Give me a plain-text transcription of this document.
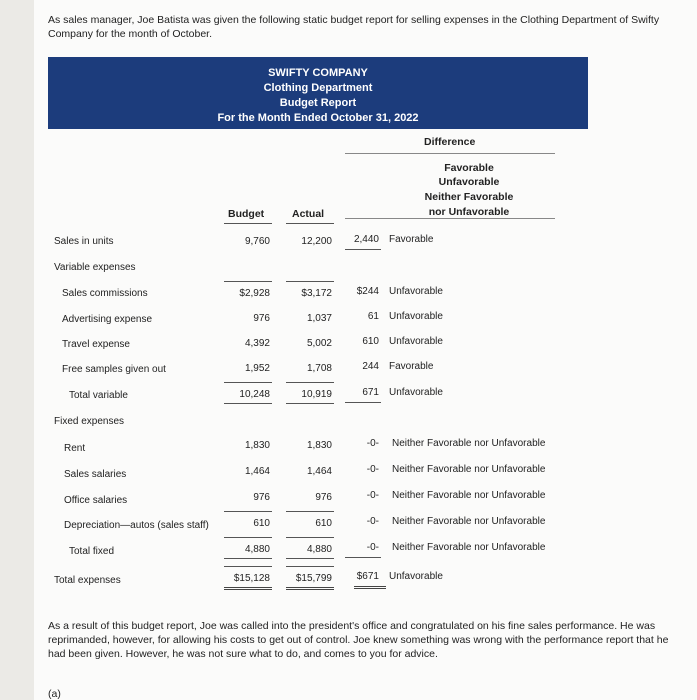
As sales manager, Joe Batista was given the following static budget report for selling expenses in the Clothing Department of Swifty Company for the month of October.
SWIFTY COMPANY
Clothing Department
Budget Report
For the Month Ended October 31, 2022
Difference
Favorable
Unfavorable
Neither Favorable
nor Unfavorable
Budget	Actual
As a result of this budget report, Joe was called into the president's office and congratulated on his fine sales performance. He was reprimanded, however, for allowing his costs to get out of control. Joe knew something was wrong with the performance report that he had been given. However, he was not sure what to do, and comes to you for advice.
(a)
Sales in units	9,760	12,200	2,440 Favorable
Variable expenses
Sales commissions	$2,928	$3,172	$244 Unfavorable
Advertising expense	976	1,037	61 Unfavorable
Travel expense	4,392	5,002	610 Unfavorable
Free samples given out	1,952	1,708	244 Favorable
Total variable	10,248	10,919	671 Unfavorable
Fixed expenses
Rent	1,830	1,830	-0- Neither Favorable nor Unfavorable
Sales salaries	1,464	1,464	-0- Neither Favorable nor Unfavorable
Office salaries	976	976	-0- Neither Favorable nor Unfavorable
Depreciation—autos (sales staff)	610	610	-0- Neither Favorable nor Unfavorable
Total fixed	4,880	4,880	-0- Neither Favorable nor Unfavorable
Total expenses	$15,128	$15,799	$671 Unfavorable
